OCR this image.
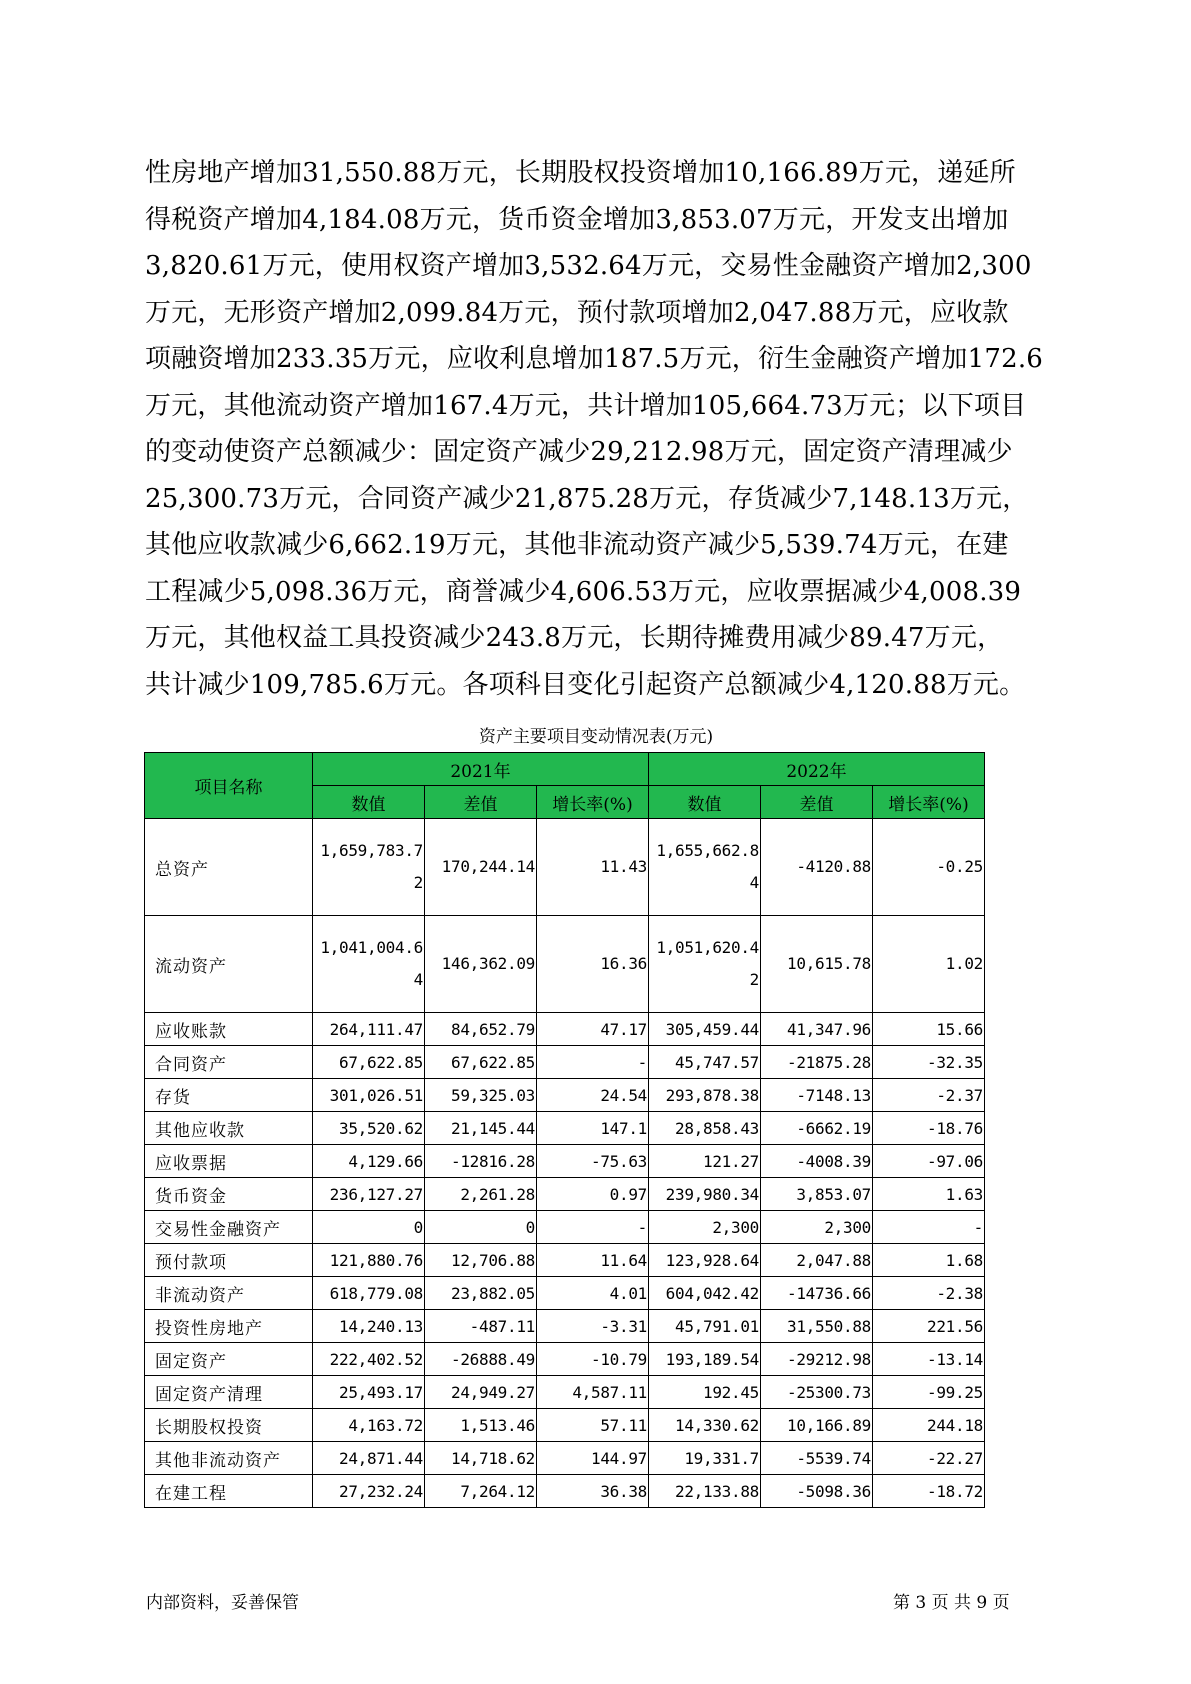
性房地产增加31,550.88万元，长期股权投资增加10,166.89万元，递延所

得税资产增加4,184.08万元，货币资金增加3,853.07万元，开发支出增加

3,820.61万元，使用权资产增加3,532.64万元，交易性金融资产增加2,300

万元，无形资产增加2,099.84万元，预付款项增加2,047.88万元，应收款

项融资增加233.35万元，应收利息增加187.5万元，衍生金融资产增加172.6

万元，其他流动资产增加167.4万元，共计增加105,664.73万元；以下项目

的变动使资产总额减少：固定资产减少29,212.98万元，固定资产清理减少

25,300.73万元，合同资产减少21,875.28万元，存货减少7,148.13万元，

其他应收款减少6,662.19万元，其他非流动资产减少5,539.74万元，在建

工程减少5,098.36万元，商誉减少4,606.53万元，应收票据减少4,008.39

万元，其他权益工具投资减少243.8万元，长期待摊费用减少89.47万元，

共计减少109,785.6万元。各项科目变化引起资产总额减少4,120.88万元。

资产主要项目变动情况表(万元)
项目名称	2021年			2022年		
	数值	差值	增长率(%)	数值	差值	增长率(%)
总资产	1,659,783.72	170,244.14	11.43	1,655,662.84	-4120.88	-0.25
流动资产	1,041,004.64	146,362.09	16.36	1,051,620.42	10,615.78	1.02
应收账款	264,111.47	84,652.79	47.17	305,459.44	41,347.96	15.66
合同资产	67,622.85	67,622.85	-	45,747.57	-21875.28	-32.35
存货	301,026.51	59,325.03	24.54	293,878.38	-7148.13	-2.37
其他应收款	35,520.62	21,145.44	147.1	28,858.43	-6662.19	-18.76
应收票据	4,129.66	-12816.28	-75.63	121.27	-4008.39	-97.06
货币资金	236,127.27	2,261.28	0.97	239,980.34	3,853.07	1.63
交易性金融资产	0	0	-	2,300	2,300	-
预付款项	121,880.76	12,706.88	11.64	123,928.64	2,047.88	1.68
非流动资产	618,779.08	23,882.05	4.01	604,042.42	-14736.66	-2.38
投资性房地产	14,240.13	-487.11	-3.31	45,791.01	31,550.88	221.56
固定资产	222,402.52	-26888.49	-10.79	193,189.54	-29212.98	-13.14
固定资产清理	25,493.17	24,949.27	4,587.11	192.45	-25300.73	-99.25
长期股权投资	4,163.72	1,513.46	57.11	14,330.62	10,166.89	244.18
其他非流动资产	24,871.44	14,718.62	144.97	19,331.7	-5539.74	-22.27
在建工程	27,232.24	7,264.12	36.38	22,133.88	-5098.36	-18.72
内部资料，妥善保管	第 3 页 共 9 页
